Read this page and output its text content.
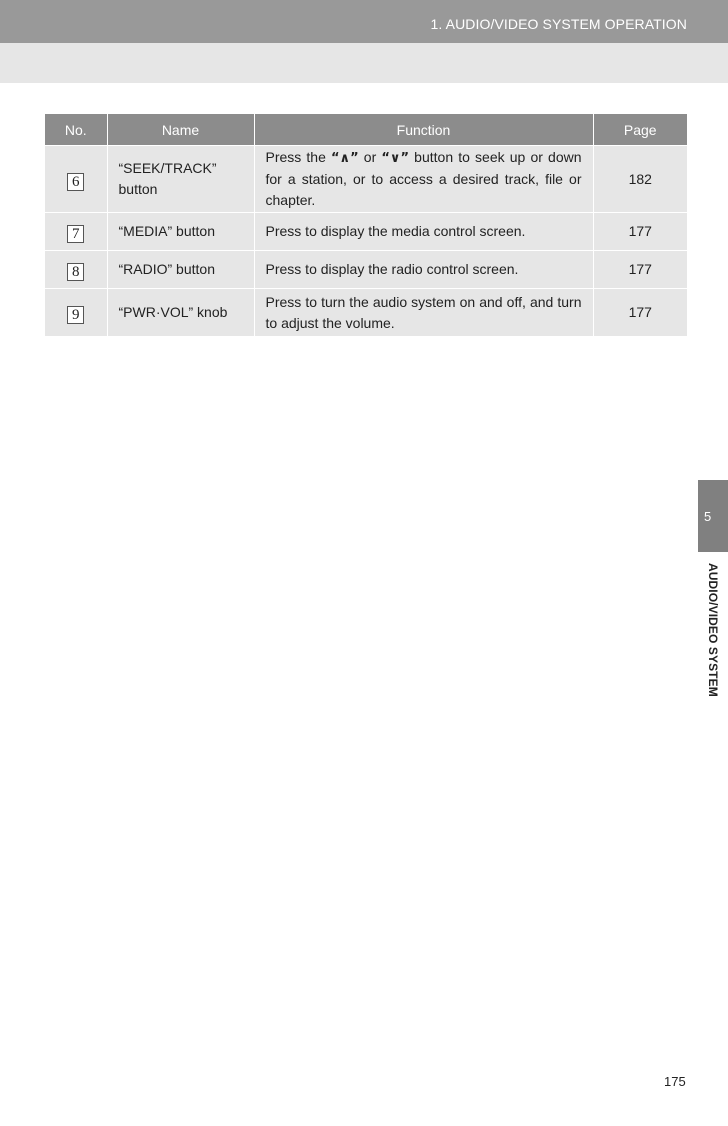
1. AUDIO/VIDEO SYSTEM OPERATION
No.	Name	Function	Page
6	“SEEK/TRACK” button	Press the “∧” or “∨” button to seek up or down for a station, or to access a desired track, file or chapter.	182
7	“MEDIA” button	Press to display the media control screen.	177
8	“RADIO” button	Press to display the radio control screen.	177
9	“PWR·VOL” knob	Press to turn the audio system on and off, and turn to adjust the volume.	177
5
AUDIO/VIDEO SYSTEM
175
